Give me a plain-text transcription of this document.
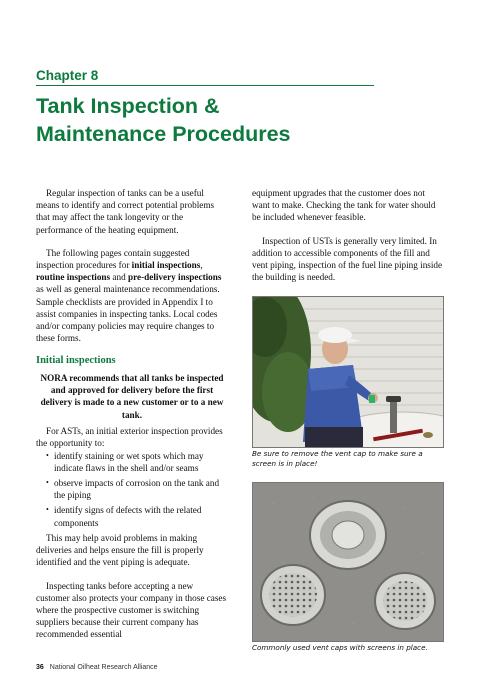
Chapter 8
Tank Inspection &
Maintenance Procedures

Regular inspection of tanks can be a useful means to identify and correct potential problems that may affect the tank longevity or the performance of the heating equipment.

The following pages contain suggested inspection procedures for initial inspections, routine inspections and pre-delivery inspections as well as general maintenance recommendations. Sample checklists are provided in Appendix I to assist companies in inspecting tanks. Local codes and/or company policies may require changes to these forms.

Initial inspections
NORA recommends that all tanks be inspected and approved for delivery before the first delivery is made to a new customer or to a new tank.

For ASTs, an initial exterior inspection provides the opportunity to:

• identify staining or wet spots which may indicate flaws in the shell and/or seams
• observe impacts of corrosion on the tank and the piping
• identify signs of defects with the related components

This may help avoid problems in making deliveries and helps ensure the fill is properly identified and the vent piping is adequate.

Inspecting tanks before accepting a new customer also protects your company in those cases where the prospective customer is switching suppliers because their current company has recommended essential

equipment upgrades that the customer does not want to make. Checking the tank for water should be included whenever feasible.

Inspection of USTs is generally very limited. In addition to accessible components of the fill and vent piping, inspection of the fuel line piping inside the building is needed.

Be sure to remove the vent cap to make sure a screen is in place!
Commonly used vent caps with screens in place.
36 National Oilheat Research Alliance
